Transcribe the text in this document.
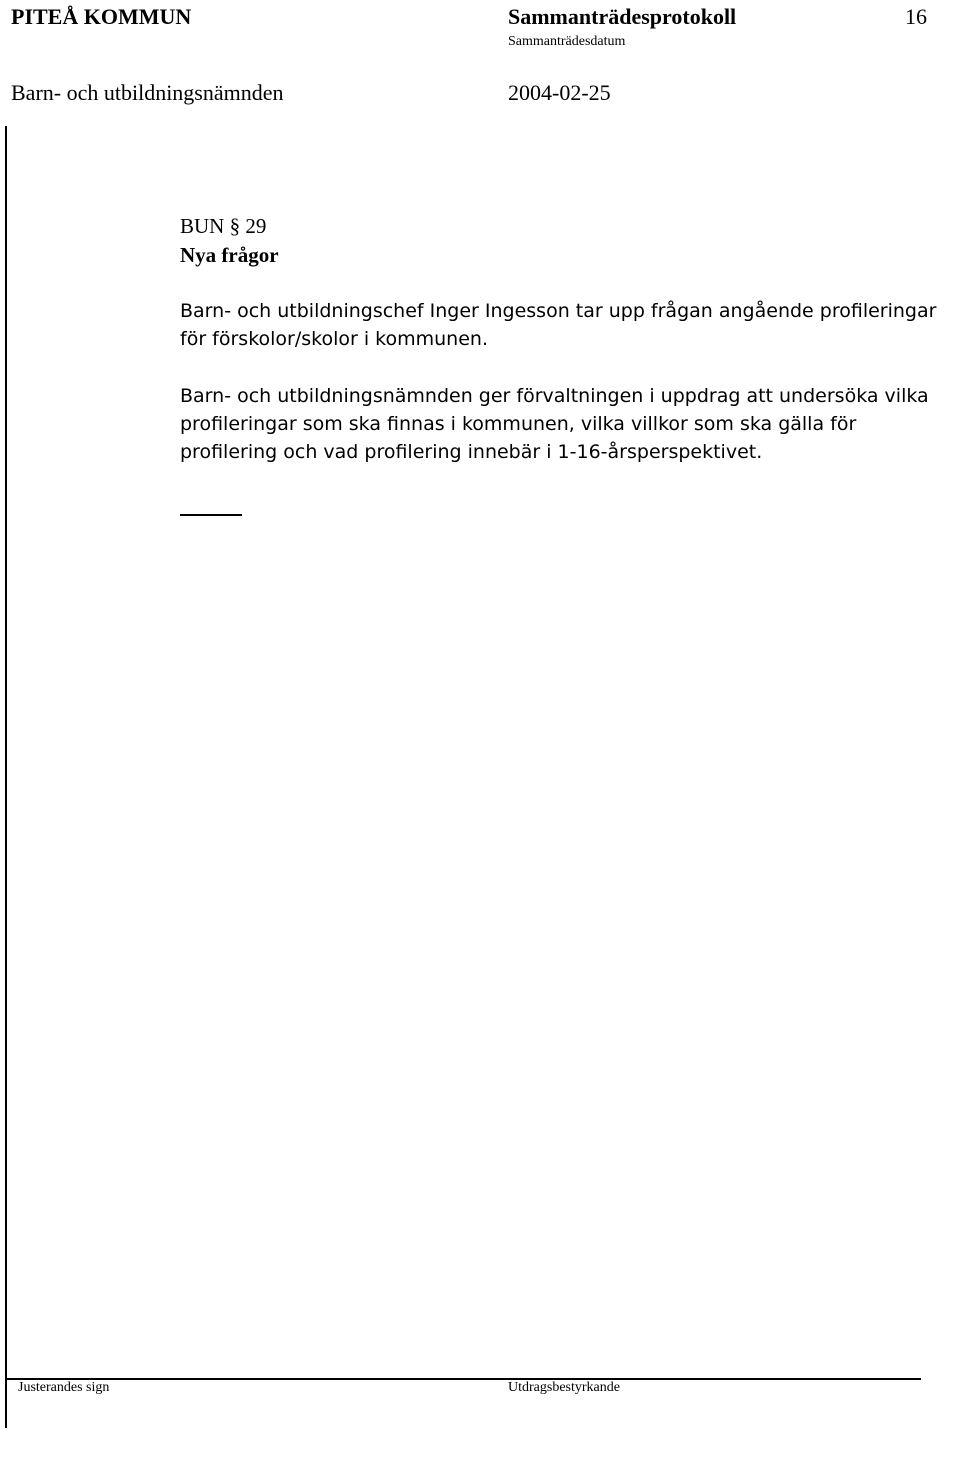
PITEÅ KOMMUN	Sammanträdesprotokoll	16
Sammanträdesdatum
Barn- och utbildningsnämnden	2004-02-25
BUN § 29
Nya frågor
Barn- och utbildningschef Inger Ingesson tar upp frågan angående profileringar
för förskolor/skolor i kommunen.
Barn- och utbildningsnämnden ger förvaltningen i uppdrag att undersöka vilka
profileringar som ska finnas i kommunen, vilka villkor som ska gälla för
profilering och vad profilering innebär i 1-16-årsperspektivet.
Justerandes sign	Utdragsbestyrkande
